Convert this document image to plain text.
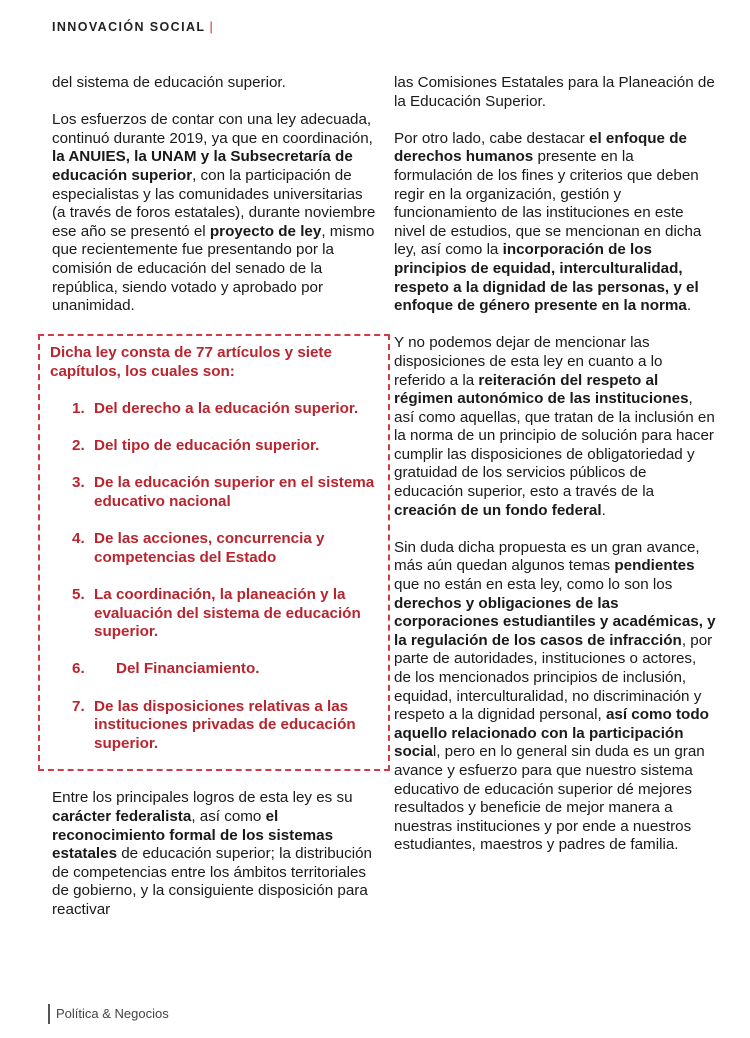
INNOVACIÓN SOCIAL |

del sistema de educación superior.

Los esfuerzos de contar con una ley adecuada, continuó durante 2019, ya que en coordinación, la ANUIES, la UNAM y la Subsecretaría de educación superior, con la participación de especialistas y las comunidades universitarias (a través de foros estatales), durante noviembre ese año se presentó el proyecto de ley, mismo que recientemente fue presentando por la comisión de educación del senado de la república, siendo votado y aprobado por unanimidad.

Dicha ley consta de 77 artículos y siete capítulos, los cuales son:

1. Del derecho a la educación superior.
2. Del tipo de educación superior.
3. De la educación superior en el sistema educativo nacional
4. De las acciones, concurrencia y competencias del Estado
5. La coordinación, la planeación y la evaluación del sistema de educación superior.
6.	Del Financiamiento.
7. De las disposiciones relativas a las instituciones privadas de educación superior.

Entre los principales logros de esta ley es su carácter federalista, así como el reconocimiento formal de los sistemas estatales de educación superior; la distribución de competencias entre los ámbitos territoriales de gobierno, y la consiguiente disposición para reactivar

las Comisiones Estatales para la Planeación de la Educación Superior.

Por otro lado, cabe destacar el enfoque de derechos humanos presente en la formulación de los fines y criterios que deben regir en la organización, gestión y funcionamiento de las instituciones en este nivel de estudios, que se mencionan en dicha ley, así como la incorporación de los principios de equidad, interculturalidad, respeto a la dignidad de las personas, y el enfoque de género presente en la norma.

Y no podemos dejar de mencionar las disposiciones de esta ley en cuanto a lo referido a la reiteración del respeto al régimen autonómico de las instituciones, así como aquellas, que tratan de la inclusión en la norma de un principio de solución para hacer cumplir las disposiciones de obligatoriedad y gratuidad de los servicios públicos de educación superior, esto a través de la creación de un fondo federal.

Sin duda dicha propuesta es un gran avance, más aún quedan algunos temas pendientes que no están en esta ley, como lo son los derechos y obligaciones de las corporaciones estudiantiles y académicas, y la regulación de los casos de infracción, por parte de autoridades, instituciones o actores, de los mencionados principios de inclusión, equidad, interculturalidad, no discriminación y respeto a la dignidad personal, así como todo aquello relacionado con la participación social, pero en lo general sin duda es un gran avance y esfuerzo para que nuestro sistema educativo de educación superior dé mejores resultados y beneficie de mejor manera a nuestras instituciones y por ende a nuestros estudiantes, maestros y padres de familia.

Política & Negocios
